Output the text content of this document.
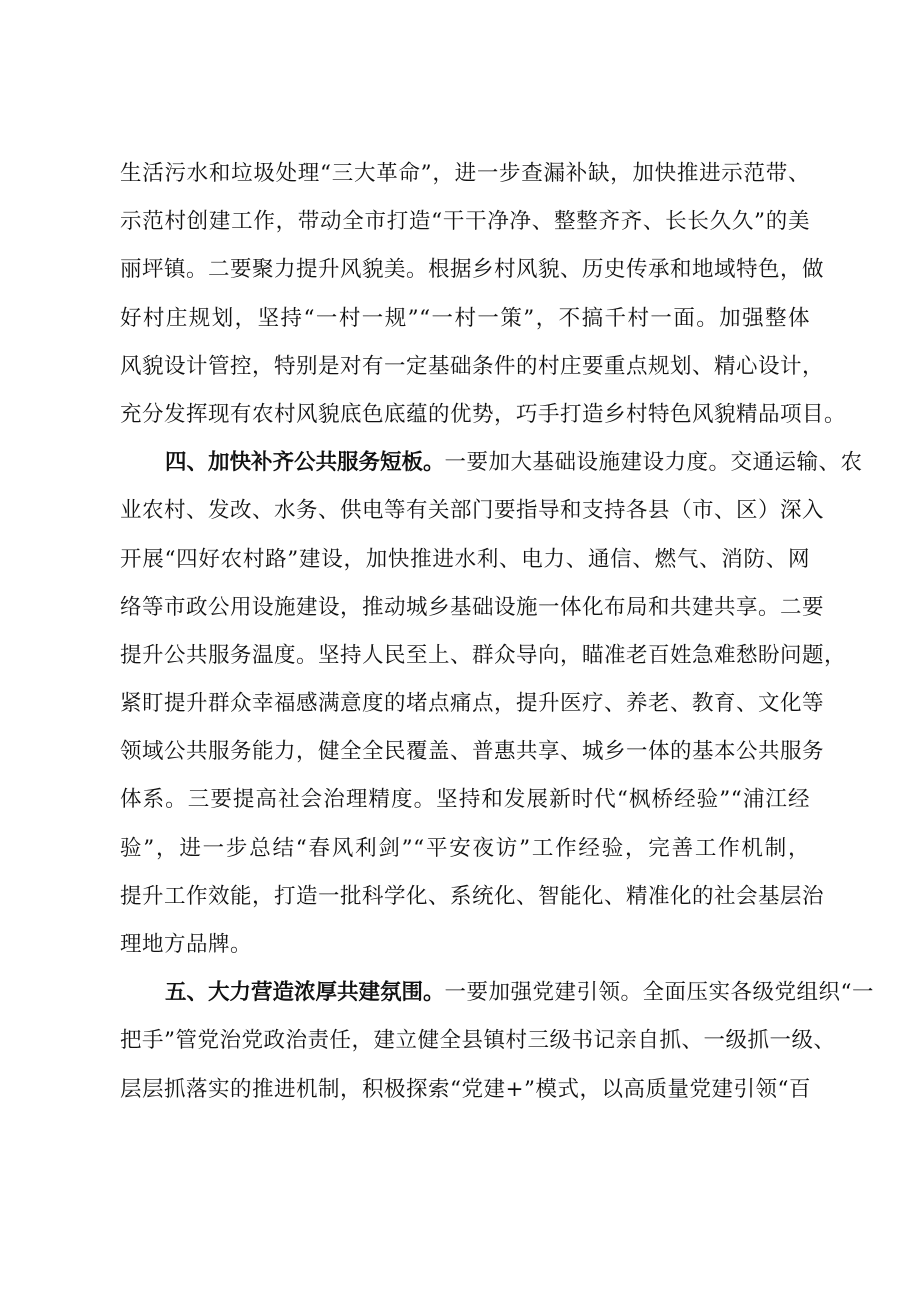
生活污水和垃圾处理“三大革命”，进一步查漏补缺，加快推进示范带、
示范村创建工作，带动全市打造“干干净净、整整齐齐、长长久久”的美
丽坪镇。二要聚力提升风貌美。根据乡村风貌、历史传承和地域特色，做
好村庄规划，坚持“一村一规”“一村一策”，不搞千村一面。加强整体
风貌设计管控，特别是对有一定基础条件的村庄要重点规划、精心设计，
充分发挥现有农村风貌底色底蕴的优势，巧手打造乡村特色风貌精品项目。
四、加快补齐公共服务短板。一要加大基础设施建设力度。交通运输、农
业农村、发改、水务、供电等有关部门要指导和支持各县（市、区）深入
开展“四好农村路”建设，加快推进水利、电力、通信、燃气、消防、网
络等市政公用设施建设，推动城乡基础设施一体化布局和共建共享。二要
提升公共服务温度。坚持人民至上、群众导向，瞄准老百姓急难愁盼问题，
紧盯提升群众幸福感满意度的堵点痛点，提升医疗、养老、教育、文化等
领域公共服务能力，健全全民覆盖、普惠共享、城乡一体的基本公共服务
体系。三要提高社会治理精度。坚持和发展新时代“枫桥经验”“浦江经
验”，进一步总结“春风利剑”“平安夜访”工作经验，完善工作机制，
提升工作效能，打造一批科学化、系统化、智能化、精准化的社会基层治
理地方品牌。
五、大力营造浓厚共建氛围。一要加强党建引领。全面压实各级党组织“一
把手”管党治党政治责任，建立健全县镇村三级书记亲自抓、一级抓一级、
层层抓落实的推进机制，积极探索“党建+”模式，以高质量党建引领“百
